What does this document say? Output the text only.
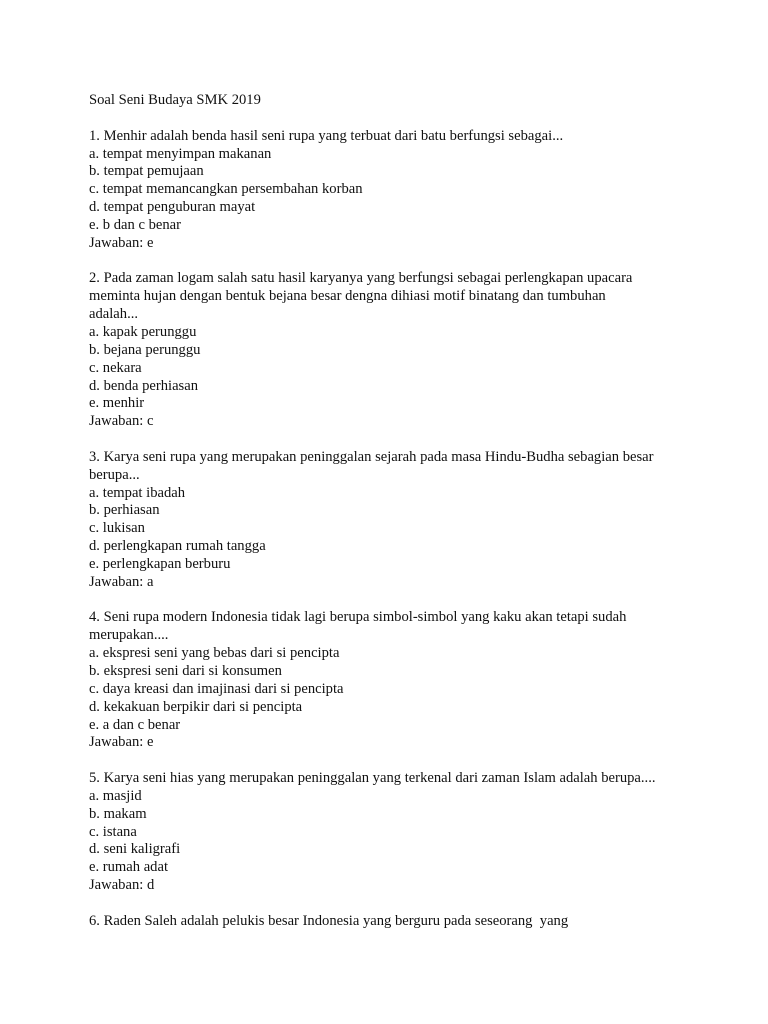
Soal Seni Budaya SMK 2019
1. Menhir adalah benda hasil seni rupa yang terbuat dari batu berfungsi sebagai...
a. tempat menyimpan makanan
b. tempat pemujaan
c. tempat memancangkan persembahan korban
d. tempat penguburan mayat
e. b dan c benar
Jawaban: e
2. Pada zaman logam salah satu hasil karyanya yang berfungsi sebagai perlengkapan upacara
meminta hujan dengan bentuk bejana besar dengna dihiasi motif binatang dan tumbuhan
adalah...
a. kapak perunggu
b. bejana perunggu
c. nekara
d. benda perhiasan
e. menhir
Jawaban: c
3. Karya seni rupa yang merupakan peninggalan sejarah pada masa Hindu-Budha sebagian besar
berupa...
a. tempat ibadah
b. perhiasan
c. lukisan
d. perlengkapan rumah tangga
e. perlengkapan berburu
Jawaban: a
4. Seni rupa modern Indonesia tidak lagi berupa simbol-simbol yang kaku akan tetapi sudah
merupakan....
a. ekspresi seni yang bebas dari si pencipta
b. ekspresi seni dari si konsumen
c. daya kreasi dan imajinasi dari si pencipta
d. kekakuan berpikir dari si pencipta
e. a dan c benar
Jawaban: e
5. Karya seni hias yang merupakan peninggalan yang terkenal dari zaman Islam adalah berupa....
a. masjid
b. makam
c. istana
d. seni kaligrafi
e. rumah adat
Jawaban: d
6. Raden Saleh adalah pelukis besar Indonesia yang berguru pada seseorang  yang
